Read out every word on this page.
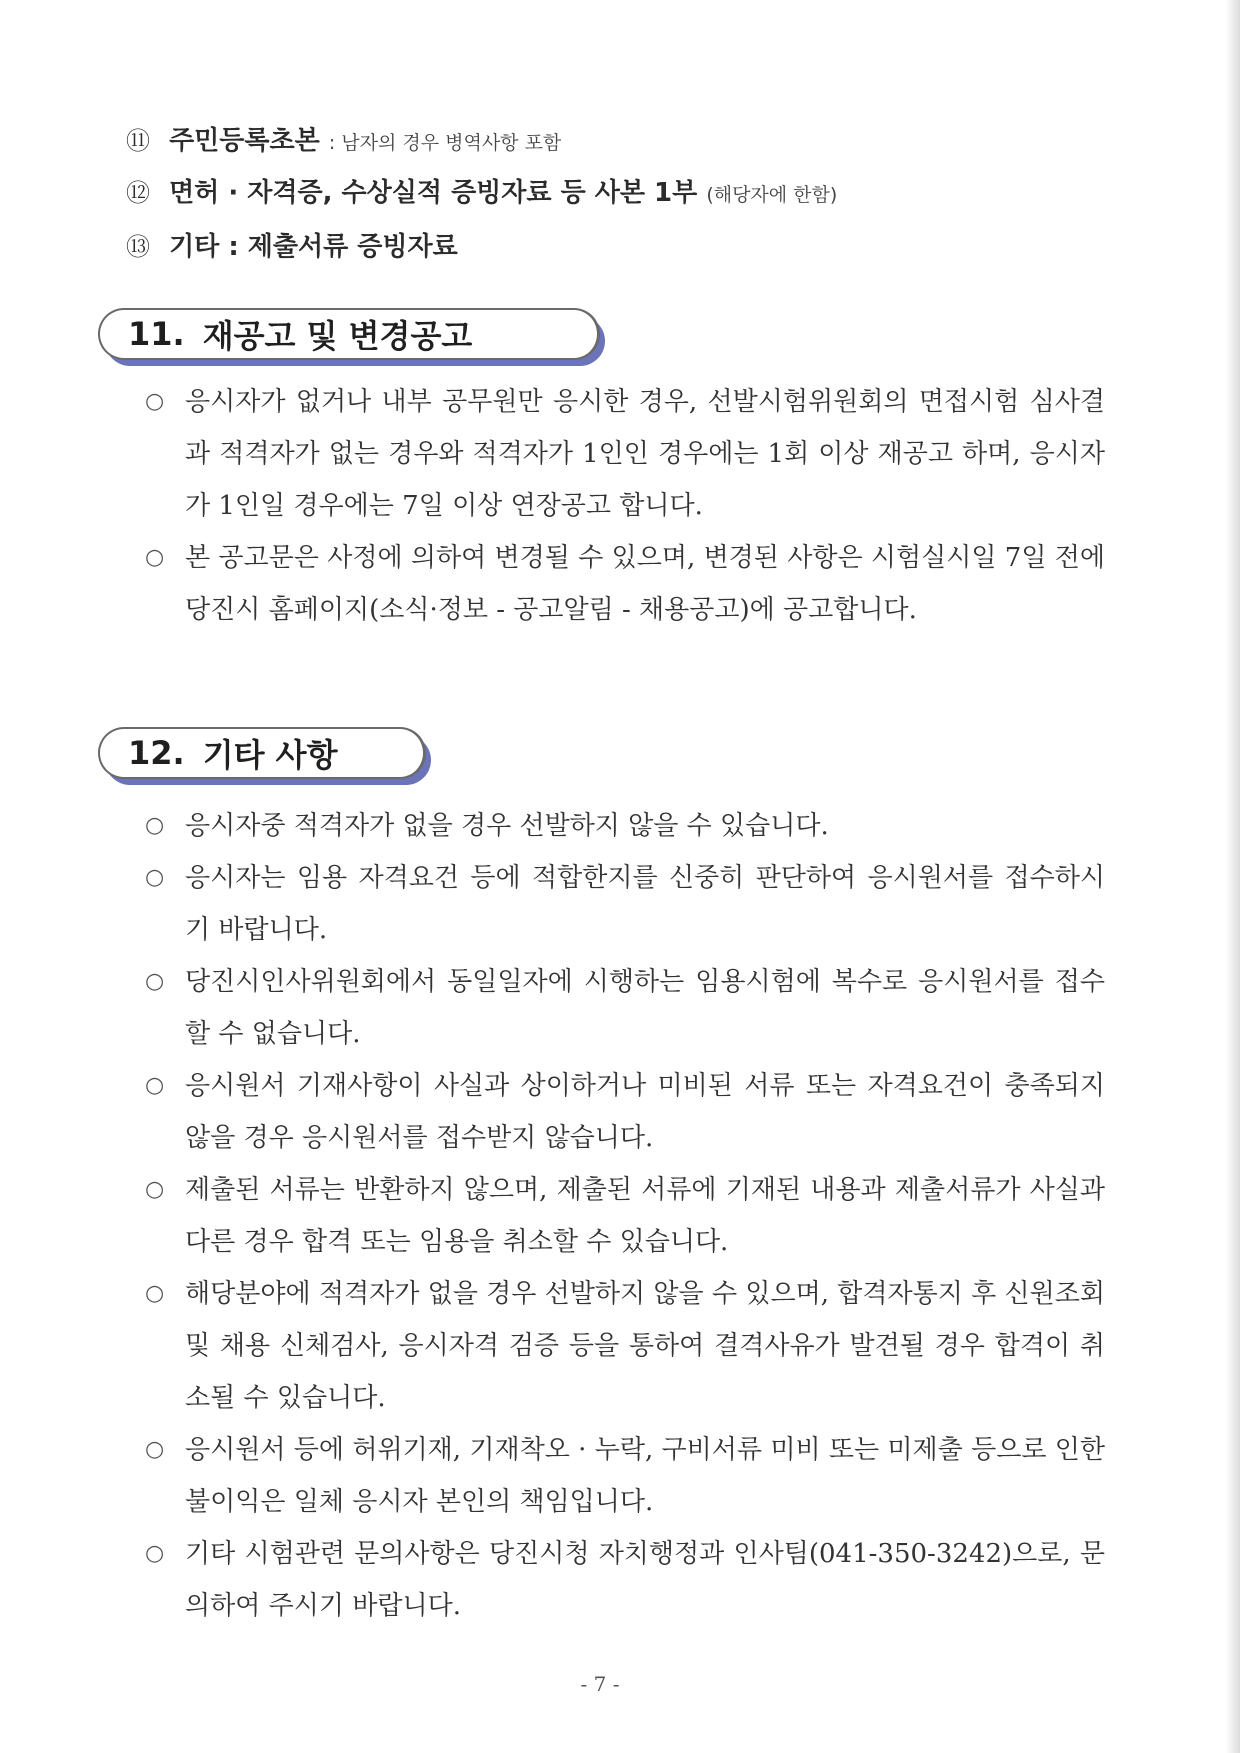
⑪ 주민등록초본 : 남자의 경우 병역사항 포함
⑫ 면허 · 자격증, 수상실적 증빙자료 등 사본 1부 (해당자에 한함)
⑬ 기타 : 제출서류 증빙자료
11. 재공고 및 변경공고
○ 응시자가 없거나 내부 공무원만 응시한 경우, 선발시험위원회의 면접시험 심사결과 적격자가 없는 경우와 적격자가 1인인 경우에는 1회 이상 재공고 하며, 응시자가 1인일 경우에는 7일 이상 연장공고 합니다.
○ 본 공고문은 사정에 의하여 변경될 수 있으며, 변경된 사항은 시험실시일 7일 전에 당진시 홈페이지(소식·정보 - 공고알림 - 채용공고)에 공고합니다.
12. 기타 사항
○ 응시자중 적격자가 없을 경우 선발하지 않을 수 있습니다.
○ 응시자는 임용 자격요건 등에 적합한지를 신중히 판단하여 응시원서를 접수하시기 바랍니다.
○ 당진시인사위원회에서 동일일자에 시행하는 임용시험에 복수로 응시원서를 접수할 수 없습니다.
○ 응시원서 기재사항이 사실과 상이하거나 미비된 서류 또는 자격요건이 충족되지 않을 경우 응시원서를 접수받지 않습니다.
○ 제출된 서류는 반환하지 않으며, 제출된 서류에 기재된 내용과 제출서류가 사실과 다른 경우 합격 또는 임용을 취소할 수 있습니다.
○ 해당분야에 적격자가 없을 경우 선발하지 않을 수 있으며, 합격자통지 후 신원조회 및 채용 신체검사, 응시자격 검증 등을 통하여 결격사유가 발견될 경우 합격이 취소될 수 있습니다.
○ 응시원서 등에 허위기재, 기재착오 · 누락, 구비서류 미비 또는 미제출 등으로 인한 불이익은 일체 응시자 본인의 책임입니다.
○ 기타 시험관련 문의사항은 당진시청 자치행정과 인사팀(041-350-3242)으로, 문의하여 주시기 바랍니다.
- 7 -
